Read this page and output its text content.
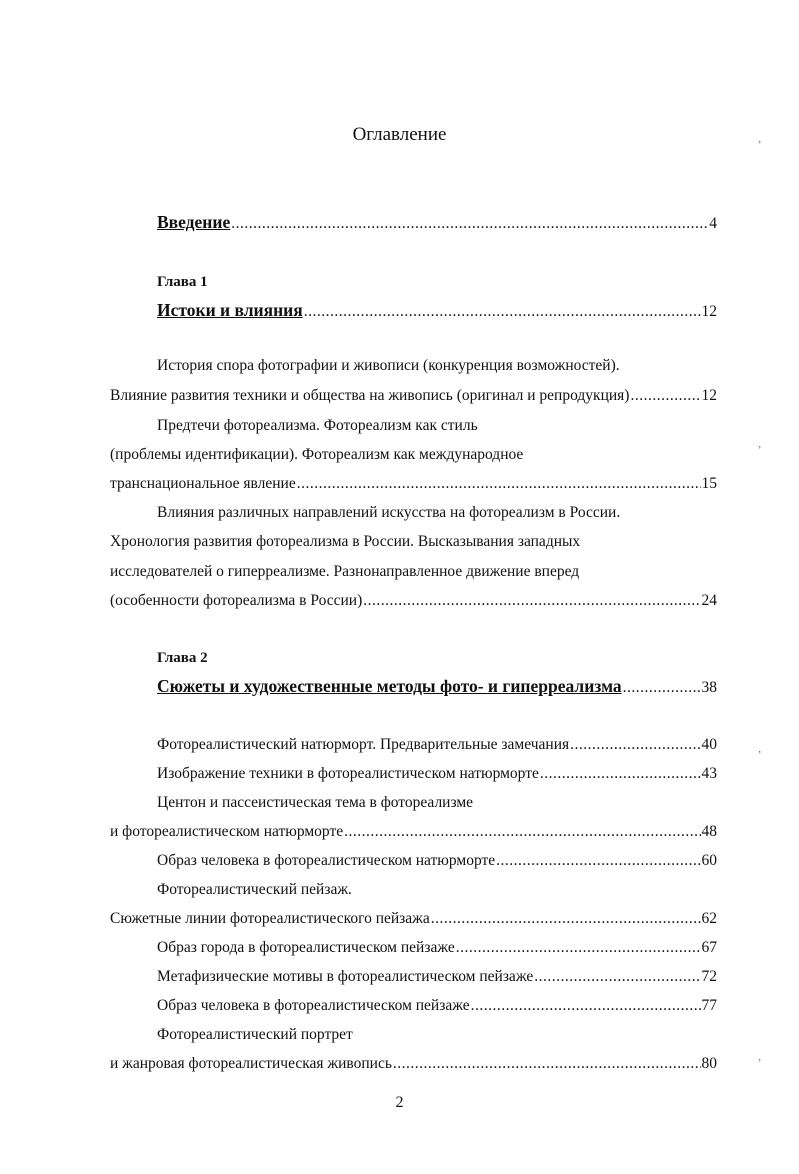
Оглавление
Введение .....	4
Глава 1
Истоки и влияния .....	12
История спора фотографии и живописи (конкуренция возможностей).
Влияние развития техники и общества на живопись (оригинал и репродукция) .....	12
Предтечи фотореализма. Фотореализм как стиль
(проблемы идентификации). Фотореализм как международное
транснациональное явление .....	15
Влияния различных направлений искусства на фотореализм в России.
Хронология развития фотореализма в России. Высказывания западных
исследователей о гиперреализме. Разнонаправленное движение вперед
(особенности фотореализма в России) .....	24
Глава 2
Сюжеты и художественные методы фото- и гиперреализма .....	38
Фотореалистический натюрморт. Предварительные замечания .....	40
Изображение техники в фотореалистическом натюрморте .....	43
Центон и пассеистическая тема в фотореализме
и фотореалистическом натюрморте .....	48
Образ человека в фотореалистическом натюрморте .....	60
Фотореалистический пейзаж.
Сюжетные линии фотореалистического пейзажа .....	62
Образ города в фотореалистическом пейзаже .....	67
Метафизические мотивы в фотореалистическом пейзаже .....	72
Образ человека в фотореалистическом пейзаже .....	77
Фотореалистический портрет
и жанровая фотореалистическая живопись .....	80
2
’
’
’
’
